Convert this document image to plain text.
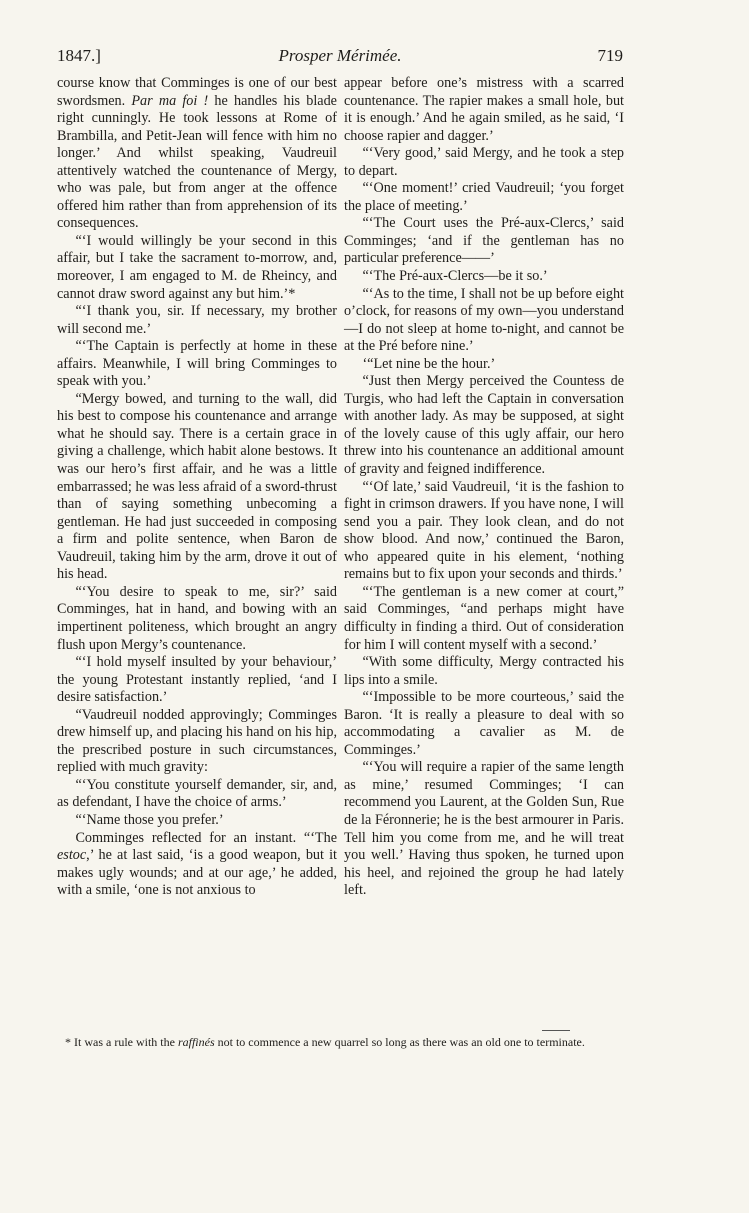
1847.]	Prosper Mérimée.	719

course know that Comminges is one of our best swordsmen. Par ma foi ! he handles his blade right cunningly. He took lessons at Rome of Brambilla, and Petit-Jean will fence with him no longer.’ And whilst speaking, Vaudreuil attentively watched the countenance of Mergy, who was pale, but from anger at the offence offered him rather than from apprehension of its consequences.

“‘I would willingly be your second in this affair, but I take the sacrament to-morrow, and, moreover, I am engaged to M. de Rheincy, and cannot draw sword against any but him.’*

“‘I thank you, sir. If necessary, my brother will second me.’

“‘The Captain is perfectly at home in these affairs. Meanwhile, I will bring Comminges to speak with you.’

“Mergy bowed, and turning to the wall, did his best to compose his countenance and arrange what he should say. There is a certain grace in giving a challenge, which habit alone bestows. It was our hero’s first affair, and he was a little embarrassed; he was less afraid of a sword-thrust than of saying something unbecoming a gentleman. He had just succeeded in composing a firm and polite sentence, when Baron de Vaudreuil, taking him by the arm, drove it out of his head.

“‘You desire to speak to me, sir?’ said Comminges, hat in hand, and bowing with an impertinent politeness, which brought an angry flush upon Mergy’s countenance.

“‘I hold myself insulted by your behaviour,’ the young Protestant instantly replied, ‘and I desire satisfaction.’

“Vaudreuil nodded approvingly; Comminges drew himself up, and placing his hand on his hip, the prescribed posture in such circumstances, replied with much gravity:

“‘You constitute yourself demander, sir, and, as defendant, I have the choice of arms.’

“‘Name those you prefer.’

Comminges reflected for an instant. “‘The estoc,’ he at last said, ‘is a good weapon, but it makes ugly wounds; and at our age,’ he added, with a smile, ‘one is not anxious to

appear before one’s mistress with a scarred countenance. The rapier makes a small hole, but it is enough.’ And he again smiled, as he said, ‘I choose rapier and dagger.’

“‘Very good,’ said Mergy, and he took a step to depart.

“‘One moment!’ cried Vaudreuil; ‘you forget the place of meeting.’

“‘The Court uses the Pré-aux-Clercs,’ said Comminges; ‘and if the gentleman has no particular preference——’

“‘The Pré-aux-Clercs—be it so.’

“‘As to the time, I shall not be up before eight o’clock, for reasons of my own—you understand—I do not sleep at home to-night, and cannot be at the Pré before nine.’

‘“Let nine be the hour.’

“Just then Mergy perceived the Countess de Turgis, who had left the Captain in conversation with another lady. As may be supposed, at sight of the lovely cause of this ugly affair, our hero threw into his countenance an additional amount of gravity and feigned indifference.

“‘Of late,’ said Vaudreuil, ‘it is the fashion to fight in crimson drawers. If you have none, I will send you a pair. They look clean, and do not show blood. And now,’ continued the Baron, who appeared quite in his element, ‘nothing remains but to fix upon your seconds and thirds.’

“‘The gentleman is a new comer at court,” said Comminges, “and perhaps might have difficulty in finding a third. Out of consideration for him I will content myself with a second.’

“With some difficulty, Mergy contracted his lips into a smile.

“‘Impossible to be more courteous,’ said the Baron. ‘It is really a pleasure to deal with so accommodating a cavalier as M. de Comminges.’

“‘You will require a rapier of the same length as mine,’ resumed Comminges; ‘I can recommend you Laurent, at the Golden Sun, Rue de la Féronnerie; he is the best armourer in Paris. Tell him you come from me, and he will treat you well.’ Having thus spoken, he turned upon his heel, and rejoined the group he had lately left.

* It was a rule with the raffinés not to commence a new quarrel so long as there was an old one to terminate.
